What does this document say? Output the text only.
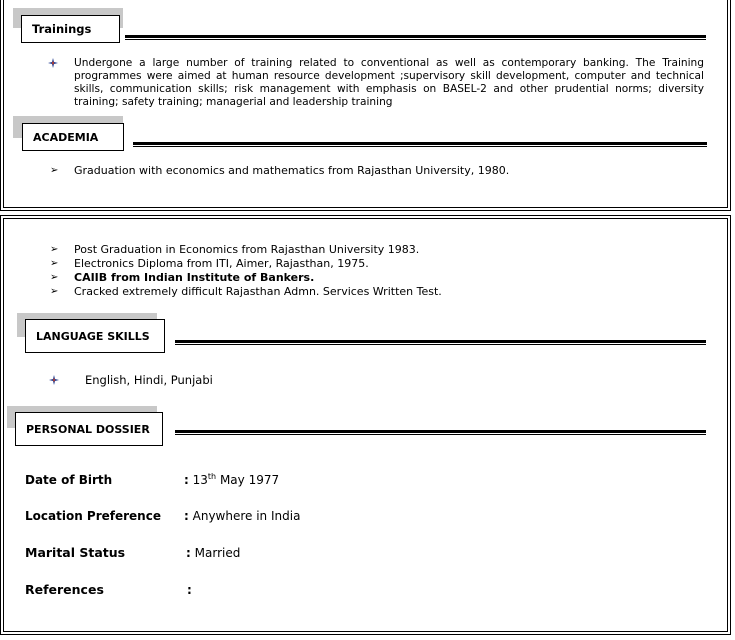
Trainings
Undergone a large number of training related to conventional as well as contemporary banking. The Training programmes were aimed at human resource development ;supervisory skill development, computer and technical skills, communication skills; risk management with emphasis on BASEL-2 and other prudential norms; diversity training; safety training; managerial and leadership training
ACADEMIA
➢ Graduation with economics and mathematics from Rajasthan University, 1980.
➢ Post Graduation in Economics from Rajasthan University 1983.
➢ Electronics Diploma from ITI, Aimer, Rajasthan, 1975.
➢ CAIIB from Indian Institute of Bankers.
➢ Cracked extremely difficult Rajasthan Admn. Services Written Test.
LANGUAGE SKILLS
English, Hindi, Punjabi
PERSONAL DOSSIER
Date of Birth	: 13th May 1977
Location Preference : Anywhere in India
Marital Status	: Married
References	:
